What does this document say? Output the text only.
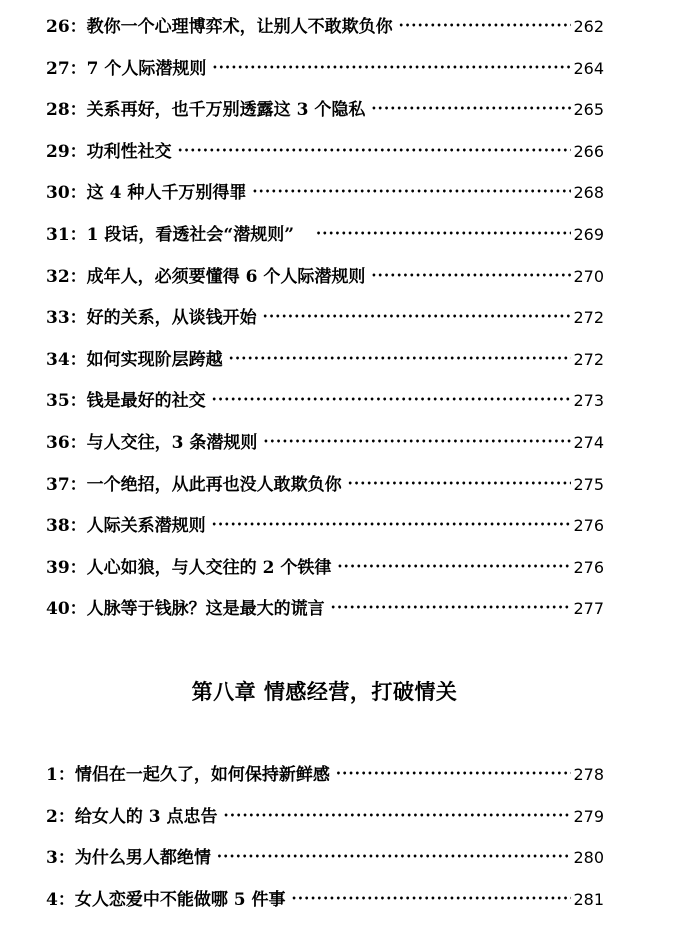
26： 教你一个心理博弈术，让别人不敢欺负你 •••••	262
27： 7 个人际潜规则 •••••	264
28： 关系再好，也千万别透露这 3 个隐私 •••••	265
29： 功利性社交 •••••	266
30： 这 4 种人千万别得罪 •••••	268
31： 1 段话，看透社会“潜规则” •••••	269
32： 成年人，必须要懂得 6 个人际潜规则 •••••	270
33： 好的关系，从谈钱开始 •••••	272
34： 如何实现阶层跨越 •••••	272
35： 钱是最好的社交 •••••	273
36： 与人交往，3 条潜规则 •••••	274
37： 一个绝招，从此再也没人敢欺负你 •••••	275
38： 人际关系潜规则 •••••	276
39： 人心如狼，与人交往的 2 个铁律 •••••	276
40： 人脉等于钱脉？这是最大的谎言 •••••	277
第八章 情感经营，打破情关
1： 情侣在一起久了，如何保持新鲜感 •••••	278
2： 给女人的 3 点忠告 •••••	279
3： 为什么男人都绝情 •••••	280
4： 女人恋爱中不能做哪 5 件事 •••••	281
